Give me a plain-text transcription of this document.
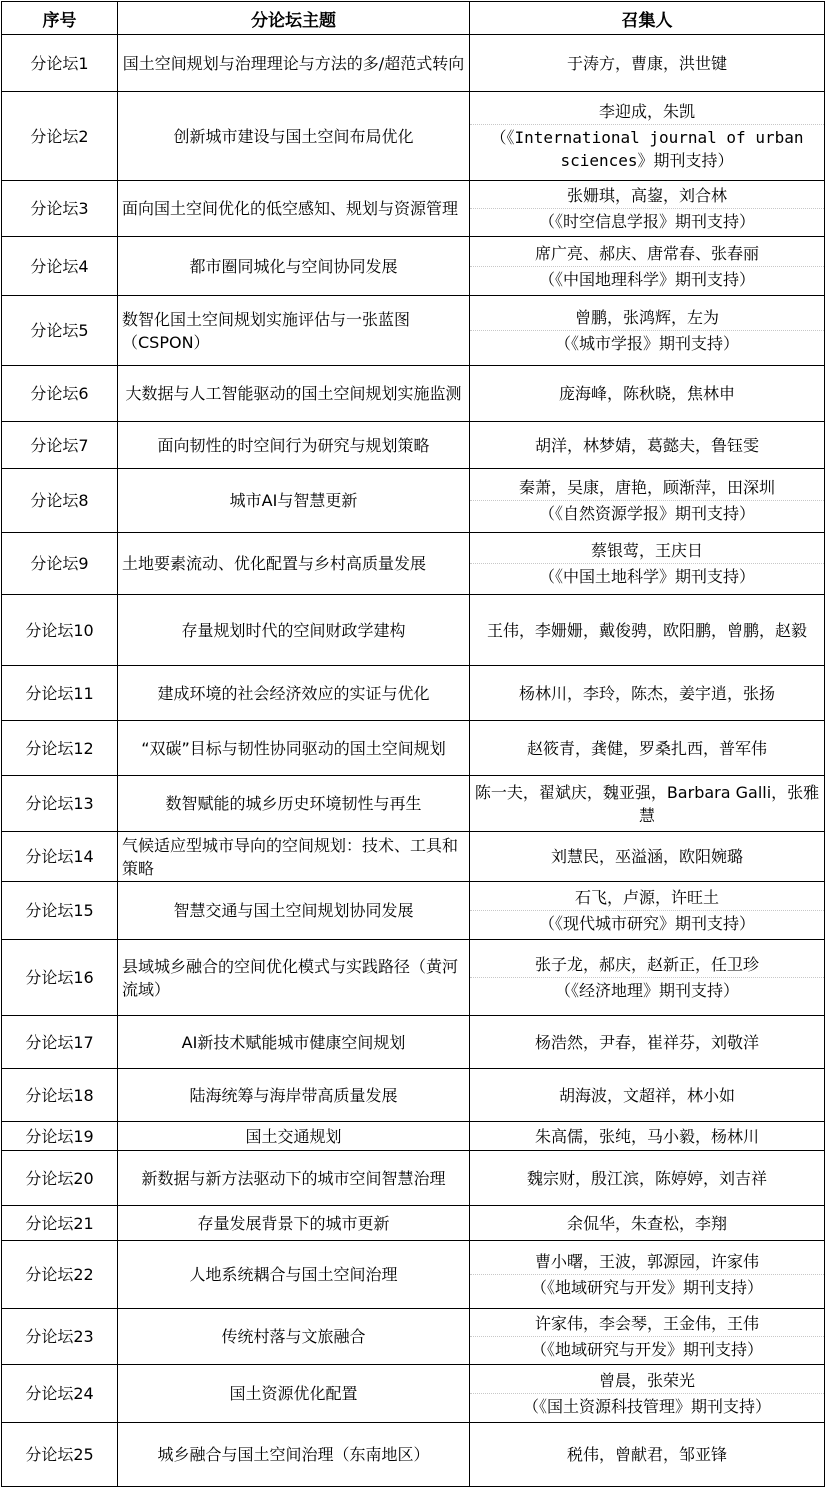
序号	分论坛主题	召集人
分论坛1	国土空间规划与治理理论与方法的多/超范式转向	于涛方，曹康，洪世键

分论坛2	创新城市建设与国土空间布局优化	李迎成，朱凯
（《International journal of urban sciences》期刊支持）

分论坛3	面向国土空间优化的低空感知、规划与资源管理	张姗琪，高鋆，刘合林
（《时空信息学报》期刊支持）

分论坛4	都市圈同城化与空间协同发展	席广亮、郝庆、唐常春、张春丽
（《中国地理科学》期刊支持）

分论坛5	数智化国土空间规划实施评估与一张蓝图（CSPON）	曾鹏，张鸿辉，左为
（《城市学报》期刊支持）

分论坛6	大数据与人工智能驱动的国土空间规划实施监测	庞海峰，陈秋晓，焦林申

分论坛7	面向韧性的时空间行为研究与规划策略	胡洋，林梦婧，葛懿夫，鲁钰雯

分论坛8	城市AI与智慧更新	秦萧，吴康，唐艳，顾渐萍，田深圳
（《自然资源学报》期刊支持）

分论坛9	土地要素流动、优化配置与乡村高质量发展	蔡银莺，王庆日
（《中国土地科学》期刊支持）

分论坛10	存量规划时代的空间财政学建构	王伟，李姗姗，戴俊骋，欧阳鹏，曾鹏，赵毅

分论坛11	建成环境的社会经济效应的实证与优化	杨林川，李玲，陈杰，姜宇逍，张扬

分论坛12	“双碳”目标与韧性协同驱动的国土空间规划	赵筱青，龚健，罗桑扎西，普军伟

分论坛13	数智赋能的城乡历史环境韧性与再生	陈一夫，翟斌庆，魏亚强，Barbara Galli，张雅慧

分论坛14	气候适应型城市导向的空间规划：技术、工具和策略	刘慧民，巫溢涵，欧阳婉璐

分论坛15	智慧交通与国土空间规划协同发展	石飞，卢源，许旺土
（《现代城市研究》期刊支持）

分论坛16	县域城乡融合的空间优化模式与实践路径（黄河流域）	张子龙，郝庆，赵新正，任卫珍
（《经济地理》期刊支持）

分论坛17	AI新技术赋能城市健康空间规划	杨浩然，尹春，崔祥芬，刘敬洋

分论坛18	陆海统筹与海岸带高质量发展	胡海波，文超祥，林小如

分论坛19	国土交通规划	朱高儒，张纯，马小毅，杨林川

分论坛20	新数据与新方法驱动下的城市空间智慧治理	魏宗财，殷江滨，陈婷婷，刘吉祥

分论坛21	存量发展背景下的城市更新	余侃华，朱查松，李翔

分论坛22	人地系统耦合与国土空间治理	曹小曙，王波，郭源园，许家伟
（《地域研究与开发》期刊支持）

分论坛23	传统村落与文旅融合	许家伟，李会琴，王金伟，王伟
（《地域研究与开发》期刊支持）

分论坛24	国土资源优化配置	曾晨，张荣光
（《国土资源科技管理》期刊支持）

分论坛25	城乡融合与国土空间治理（东南地区）	税伟，曾献君，邹亚锋
